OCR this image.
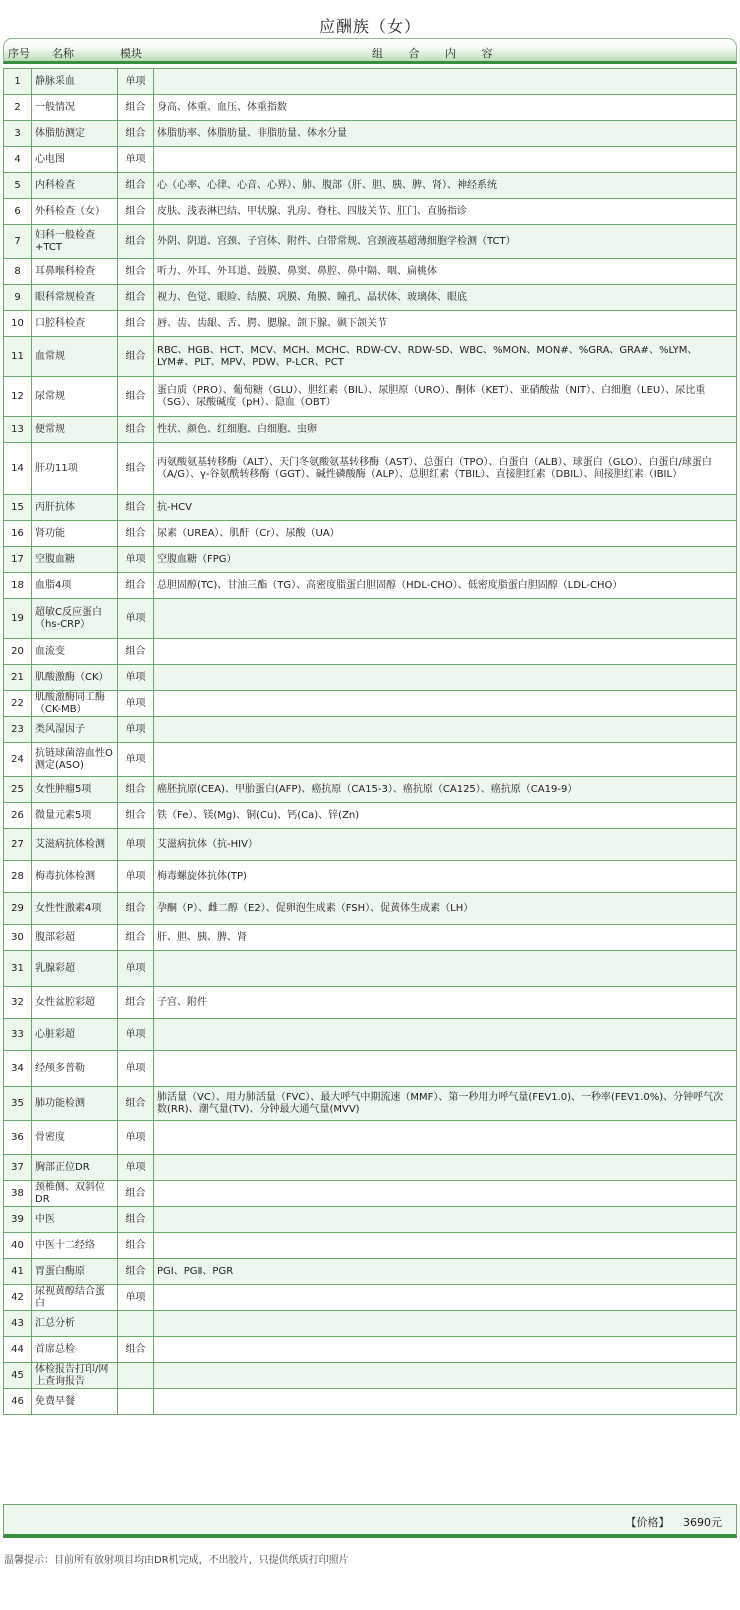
应酬族（女）
序号 名称	模块	组 合 内 容
1	静脉采血	单项	
2	一般情况	组合	身高、体重、血压、体重指数
3	体脂肪测定	组合	体脂肪率、体脂肪量、非脂肪量、体水分量
4	心电图	单项	
5	内科检查	组合	心（心率、心律、心音、心界）、肺、腹部（肝、胆、胰、脾、肾）、神经系统
6	外科检查（女）	组合	皮肤、浅表淋巴结、甲状腺、乳房、脊柱、四肢关节、肛门、直肠指诊
7	妇科一般检查+TCT	组合	外阴、阴道、宫颈、子宫体、附件、白带常规、宫颈液基超薄细胞学检测（TCT）
8	耳鼻喉科检查	组合	听力、外耳、外耳道、鼓膜、鼻窦、鼻腔、鼻中隔、咽、扁桃体
9	眼科常规检查	组合	视力、色觉、眼睑、结膜、巩膜、角膜、瞳孔、晶状体、玻璃体、眼底
10	口腔科检查	组合	唇、齿、齿龈、舌、腭、腮腺、颌下腺、颞下颌关节
11	血常规	组合	RBC、HGB、HCT、MCV、MCH、MCHC、RDW-CV、RDW-SD、WBC、%MON、MON#、%GRA、GRA#、%LYM、LYM#、PLT、MPV、PDW、P-LCR、PCT
12	尿常规	组合	蛋白质（PRO）、葡萄糖（GLU）、胆红素（BIL）、尿胆原（URO）、酮体（KET）、亚硝酸盐（NIT）、白细胞（LEU）、尿比重（SG）、尿酸碱度（pH）、隐血（OBT）
13	便常规	组合	性状、颜色、红细胞、白细胞、虫卵
14	肝功11项	组合	丙氨酸氨基转移酶（ALT）、天门冬氨酸氨基转移酶（AST）、总蛋白（TPO）、白蛋白（ALB）、球蛋白（GLO）、白蛋白/球蛋白（A/G）、γ-谷氨酰转移酶（GGT）、碱性磷酸酶（ALP）、总胆红素（TBIL）、直接胆红素（DBIL）、间接胆红素（IBIL）
15	丙肝抗体	组合	抗-HCV
16	肾功能	组合	尿素（UREA）、肌酐（Cr）、尿酸（UA）
17	空腹血糖	单项	空腹血糖（FPG）
18	血脂4项	组合	总胆固醇(TC)、甘油三酯（TG）、高密度脂蛋白胆固醇（HDL-CHO）、低密度脂蛋白胆固醇（LDL-CHO）
19	超敏C反应蛋白（hs-CRP）	单项	
20	血流变	组合	
21	肌酸激酶（CK）	单项	
22	肌酸激酶同工酶（CK-MB）	单项	
23	类风湿因子	单项	
24	抗链球菌溶血性O测定(ASO)	单项	
25	女性肿瘤5项	组合	癌胚抗原(CEA)、甲胎蛋白(AFP)、癌抗原（CA15-3）、癌抗原（CA125）、癌抗原（CA19-9）
26	微量元素5项	组合	铁（Fe）、镁(Mg)、铜(Cu)、钙(Ca)、锌(Zn)
27	艾滋病抗体检测	单项	艾滋病抗体（抗-HIV）
28	梅毒抗体检测	单项	梅毒螺旋体抗体(TP)
29	女性性激素4项	组合	孕酮（P）、雌二醇（E2）、促卵泡生成素（FSH）、促黄体生成素（LH）
30	腹部彩超	组合	肝、胆、胰、脾、肾
31	乳腺彩超	单项	
32	女性盆腔彩超	组合	子宫、附件
33	心脏彩超	单项	
34	经颅多普勒	单项	
35	肺功能检测	组合	肺活量（VC）、用力肺活量（FVC）、最大呼气中期流速（MMF）、第一秒用力呼气量(FEV1.0)、一秒率(FEV1.0%)、分钟呼气次数(RR)、潮气量(TV)、分钟最大通气量(MVV)
36	骨密度	单项	
37	胸部正位DR	单项	
38	颈椎侧、双斜位DR	组合	
39	中医	组合	
40	中医十二经络	组合	
41	胃蛋白酶原	组合	PGⅠ、PGⅡ、PGR
42	尿视黄醇结合蛋白	单项	
43	汇总分析		
44	首席总检	组合	
45	体检报告打印/网上查询报告		
46	免费早餐		
【价格】 3690元
温馨提示：目前所有放射项目均由DR机完成，不出胶片，只提供纸质打印照片
